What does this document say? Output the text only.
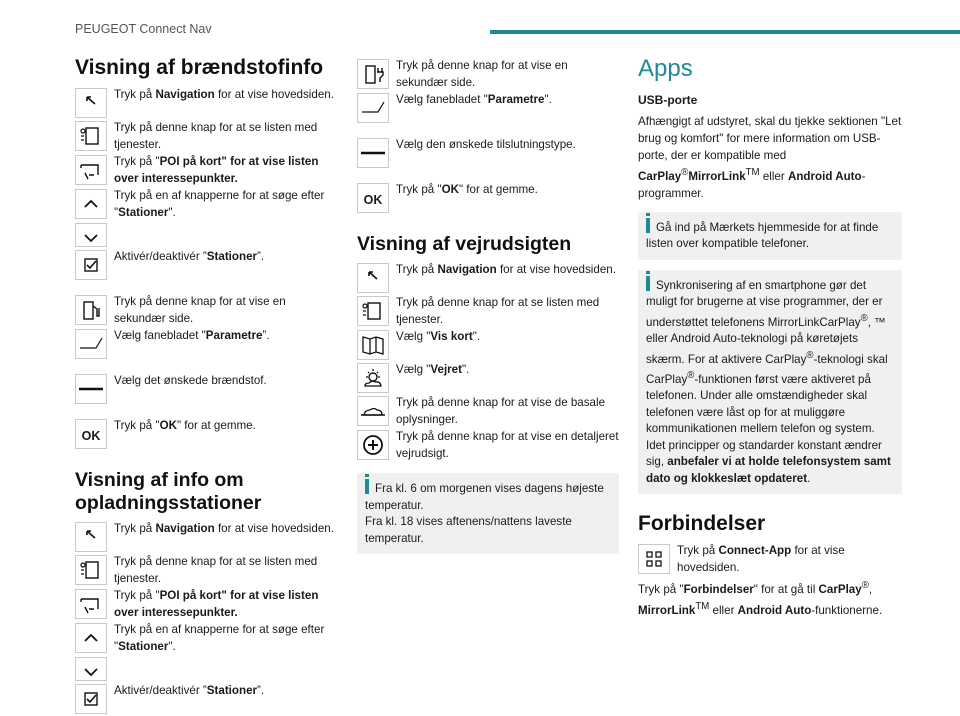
PEUGEOT Connect Nav
Visning af brændstofinfo
Tryk på Navigation for at vise hovedsiden.
Tryk på denne knap for at se listen med tjenester.
Tryk på "POI på kort" for at vise listen over interessepunkter.
Tryk på en af knapperne for at søge efter "Stationer".
Aktivér/deaktivér ”Stationer”.
Tryk på denne knap for at vise en sekundær side.
Vælg fanebladet "Parametre”.
Vælg det ønskede brændstof.
OK
Tryk på "OK" for at gemme.
Visning af info om opladningsstationer
Tryk på Navigation for at vise hovedsiden.
Tryk på denne knap for at se listen med tjenester.
Tryk på "POI på kort" for at vise listen over interessepunkter.
Tryk på en af knapperne for at søge efter "Stationer".
Aktivér/deaktivér ”Stationer”.
Tryk på denne knap for at vise en sekundær side.
Vælg fanebladet "Parametre".
Vælg den ønskede tilslutningstype.
OK
Tryk på "OK" for at gemme.
Visning af vejrudsigten
Tryk på Navigation for at vise hovedsiden.
Tryk på denne knap for at se listen med tjenester.
Vælg "Vis kort".
Vælg "Vejret".
Tryk på denne knap for at vise de basale oplysninger.
Tryk på denne knap for at vise en detaljeret vejrudsigt.
Fra kl. 6 om morgenen vises dagens højeste temperatur.
Fra kl. 18 vises aftenens/nattens laveste temperatur.
Apps
USB-porte
Afhængigt af udstyret, skal du tjekke sektionen "Let brug og komfort" for mere information om USB-porte, der er kompatible med CarPlay®MirrorLink™ eller Android Auto-programmer.
Gå ind på Mærkets hjemmeside for at finde listen over kompatible telefoner.
Synkronisering af en smartphone gør det muligt for brugerne at vise programmer, der er understøttet telefonens MirrorLinkCarPlay®, ™ eller Android Auto-teknologi på køretøjets skærm. For at aktivere CarPlay®-teknologi skal CarPlay®-funktionen først være aktiveret på telefonen. Under alle omstændigheder skal telefonen være låst op for at muliggøre kommunikationen mellem telefon og system. Idet principper og standarder konstant ændrer sig, anbefaler vi at holde telefonsystem samt dato og klokkeslæt opdateret.
Forbindelser
Tryk på Connect-App for at vise hovedsiden.
Tryk på "Forbindelser" for at gå til CarPlay®,
MirrorLink™ eller Android Auto-funktionerne.
